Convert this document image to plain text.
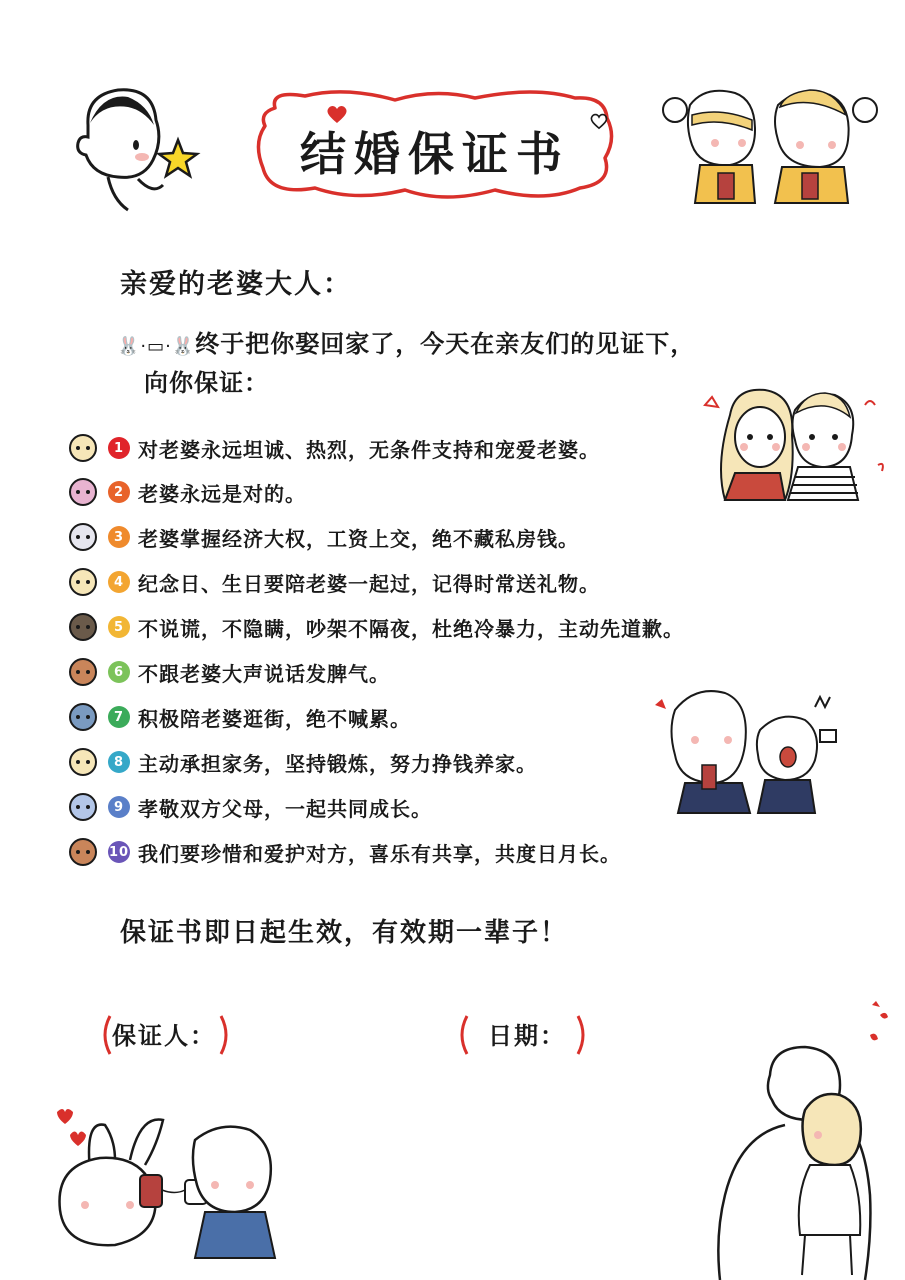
结婚保证书
亲爱的老婆大人：
🐰·▭·🐰终于把你娶回家了，今天在亲友们的见证下，
向你保证：
1 对老婆永远坦诚、热烈，无条件支持和宠爱老婆。
2 老婆永远是对的。
3 老婆掌握经济大权，工资上交，绝不藏私房钱。
4 纪念日、生日要陪老婆一起过，记得时常送礼物。
5 不说谎，不隐瞒，吵架不隔夜，杜绝冷暴力，主动先道歉。
6 不跟老婆大声说话发脾气。
7 积极陪老婆逛街，绝不喊累。
8 主动承担家务，坚持锻炼，努力挣钱养家。
9 孝敬双方父母，一起共同成长。
10 我们要珍惜和爱护对方，喜乐有共享，共度日月长。
保证书即日起生效，有效期一辈子！
保证人：	日期：
